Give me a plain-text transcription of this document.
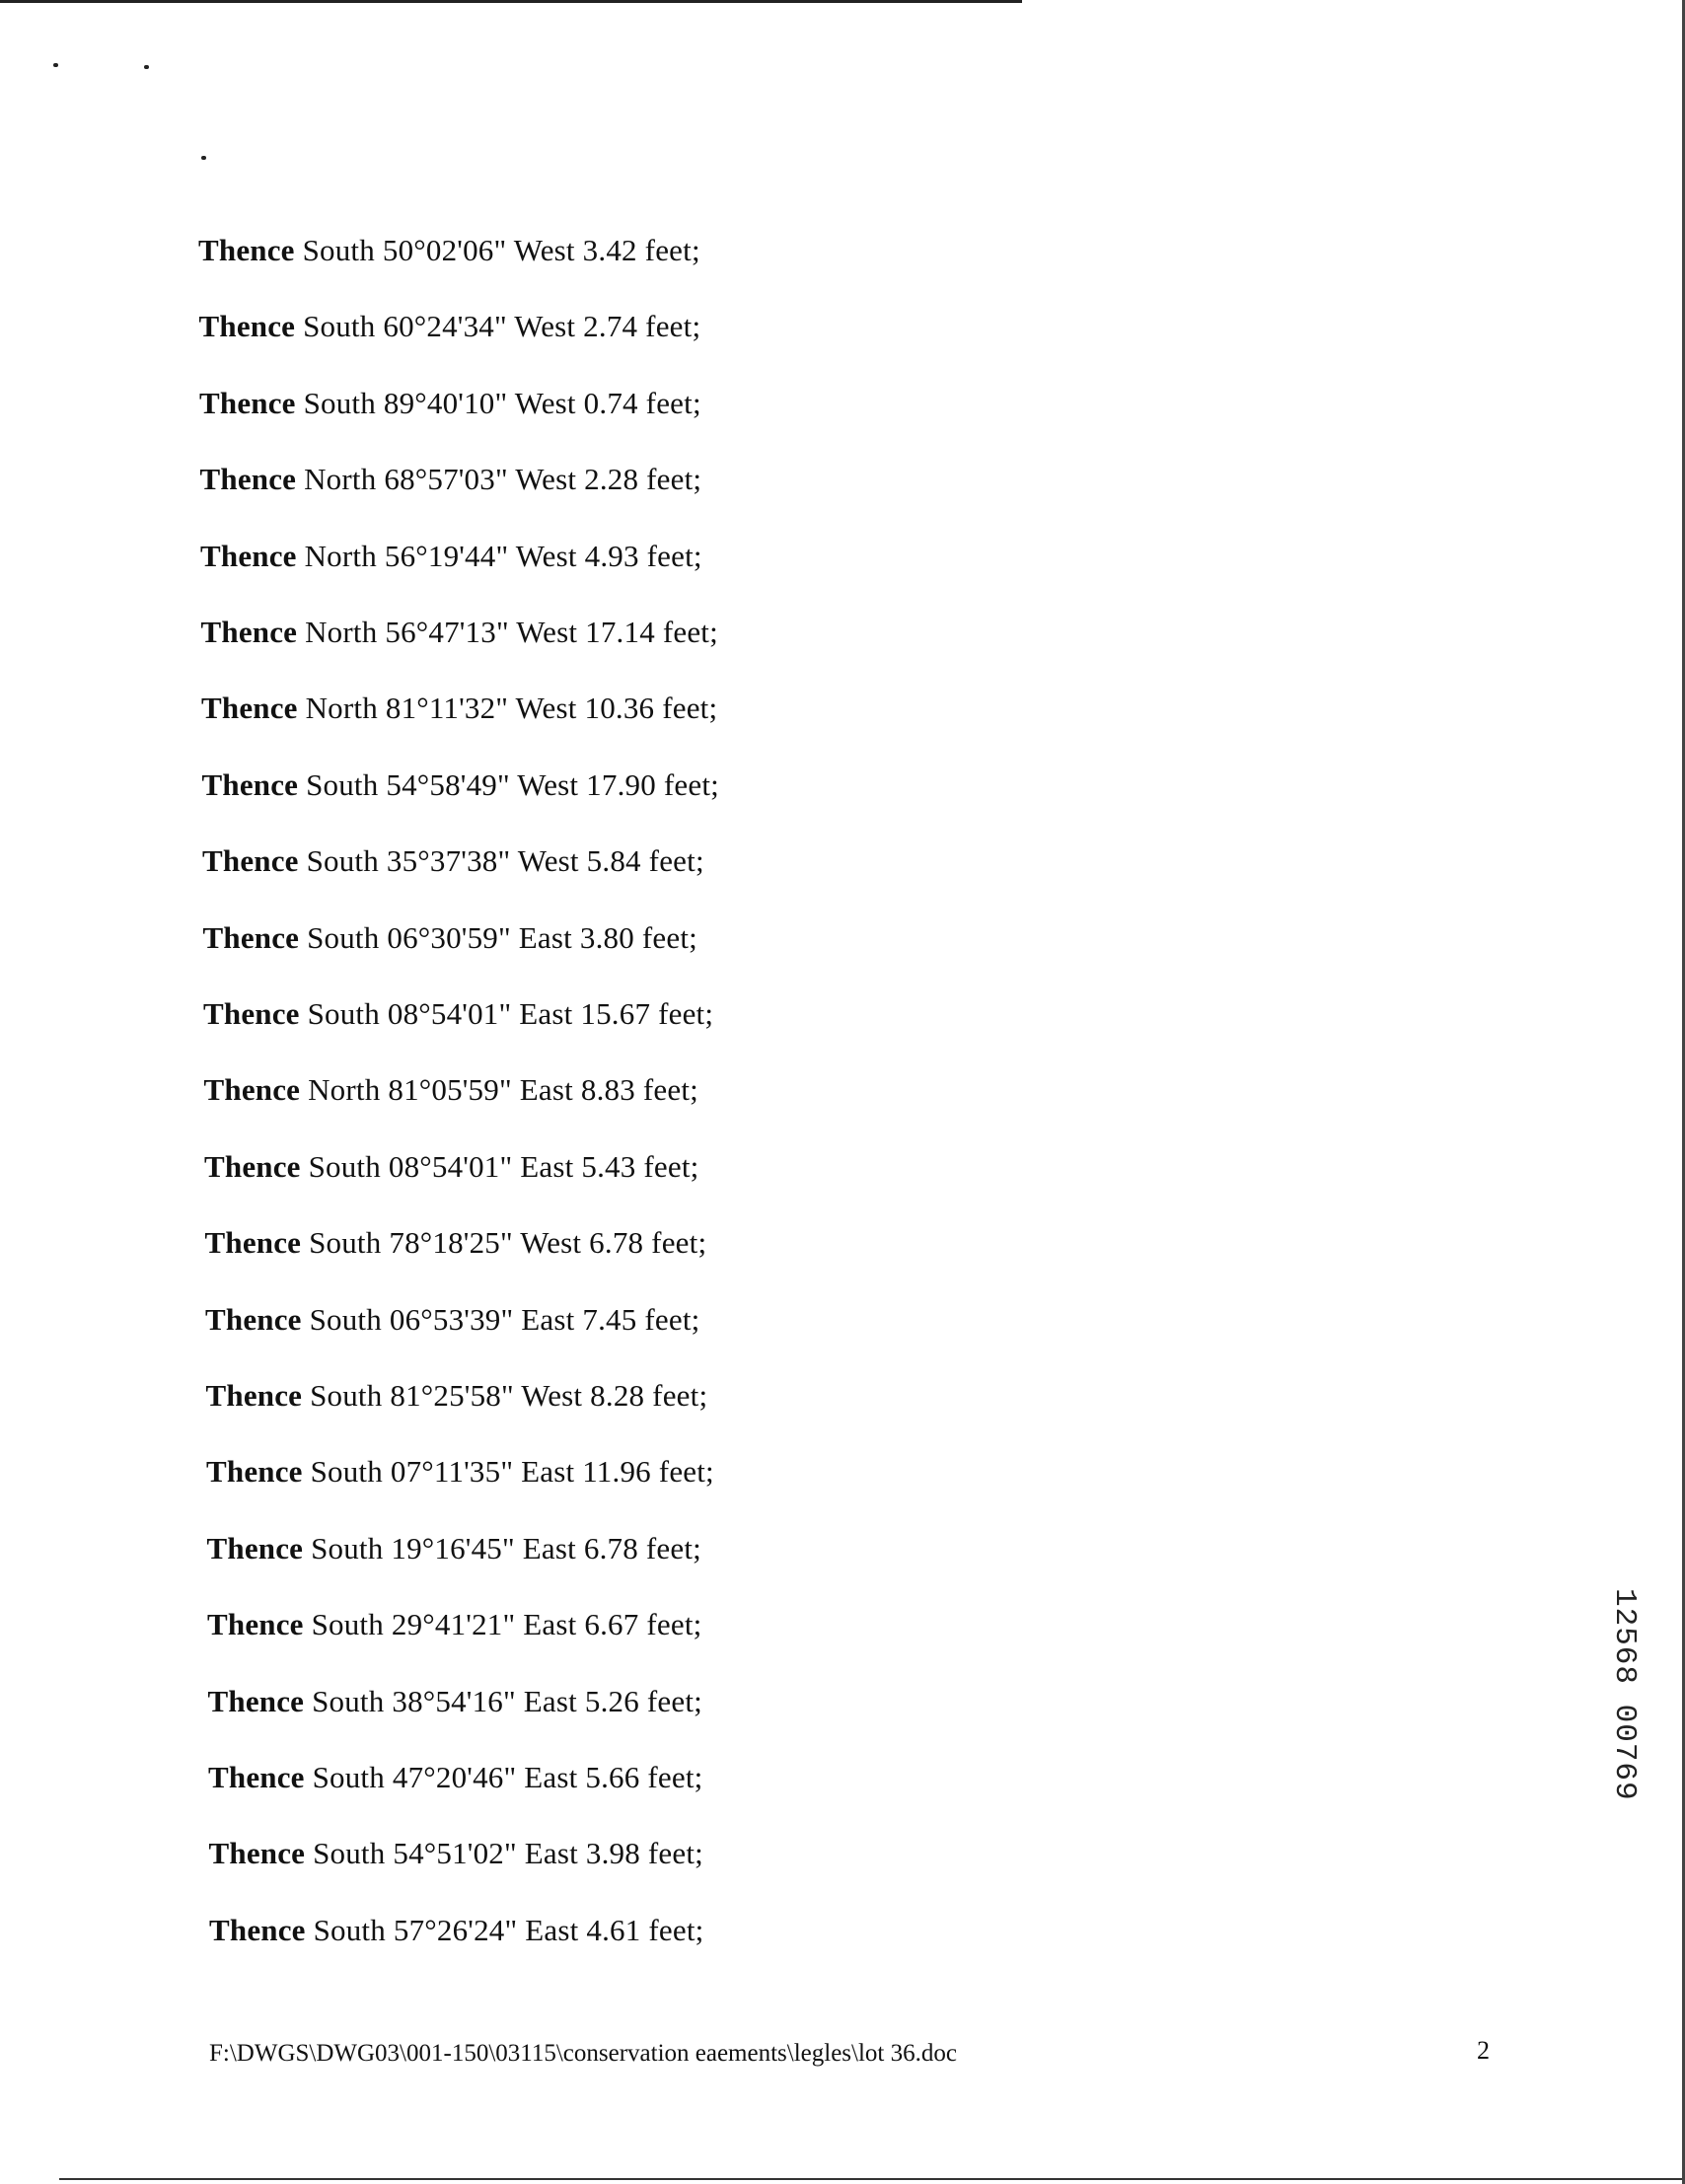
Thence South 50°02'06" West 3.42 feet;
Thence South 60°24'34" West 2.74 feet;
Thence South 89°40'10" West 0.74 feet;
Thence North 68°57'03" West 2.28 feet;
Thence North 56°19'44" West 4.93 feet;
Thence North 56°47'13" West 17.14 feet;
Thence North 81°11'32" West 10.36 feet;
Thence South 54°58'49" West 17.90 feet;
Thence South 35°37'38" West 5.84 feet;
Thence South 06°30'59" East 3.80 feet;
Thence South 08°54'01" East 15.67 feet;
Thence North 81°05'59" East 8.83 feet;
Thence South 08°54'01" East 5.43 feet;
Thence South 78°18'25" West 6.78 feet;
Thence South 06°53'39" East 7.45 feet;
Thence South 81°25'58" West 8.28 feet;
Thence South 07°11'35" East 11.96 feet;
Thence South 19°16'45" East 6.78 feet;
Thence South 29°41'21" East 6.67 feet;
Thence South 38°54'16" East 5.26 feet;
Thence South 47°20'46" East 5.66 feet;
Thence South 54°51'02" East 3.98 feet;
Thence South 57°26'24" East 4.61 feet;
F:\DWGS\DWG03\001-150\03115\conservation eaements\legles\lot 36.doc	2
12568 00769
